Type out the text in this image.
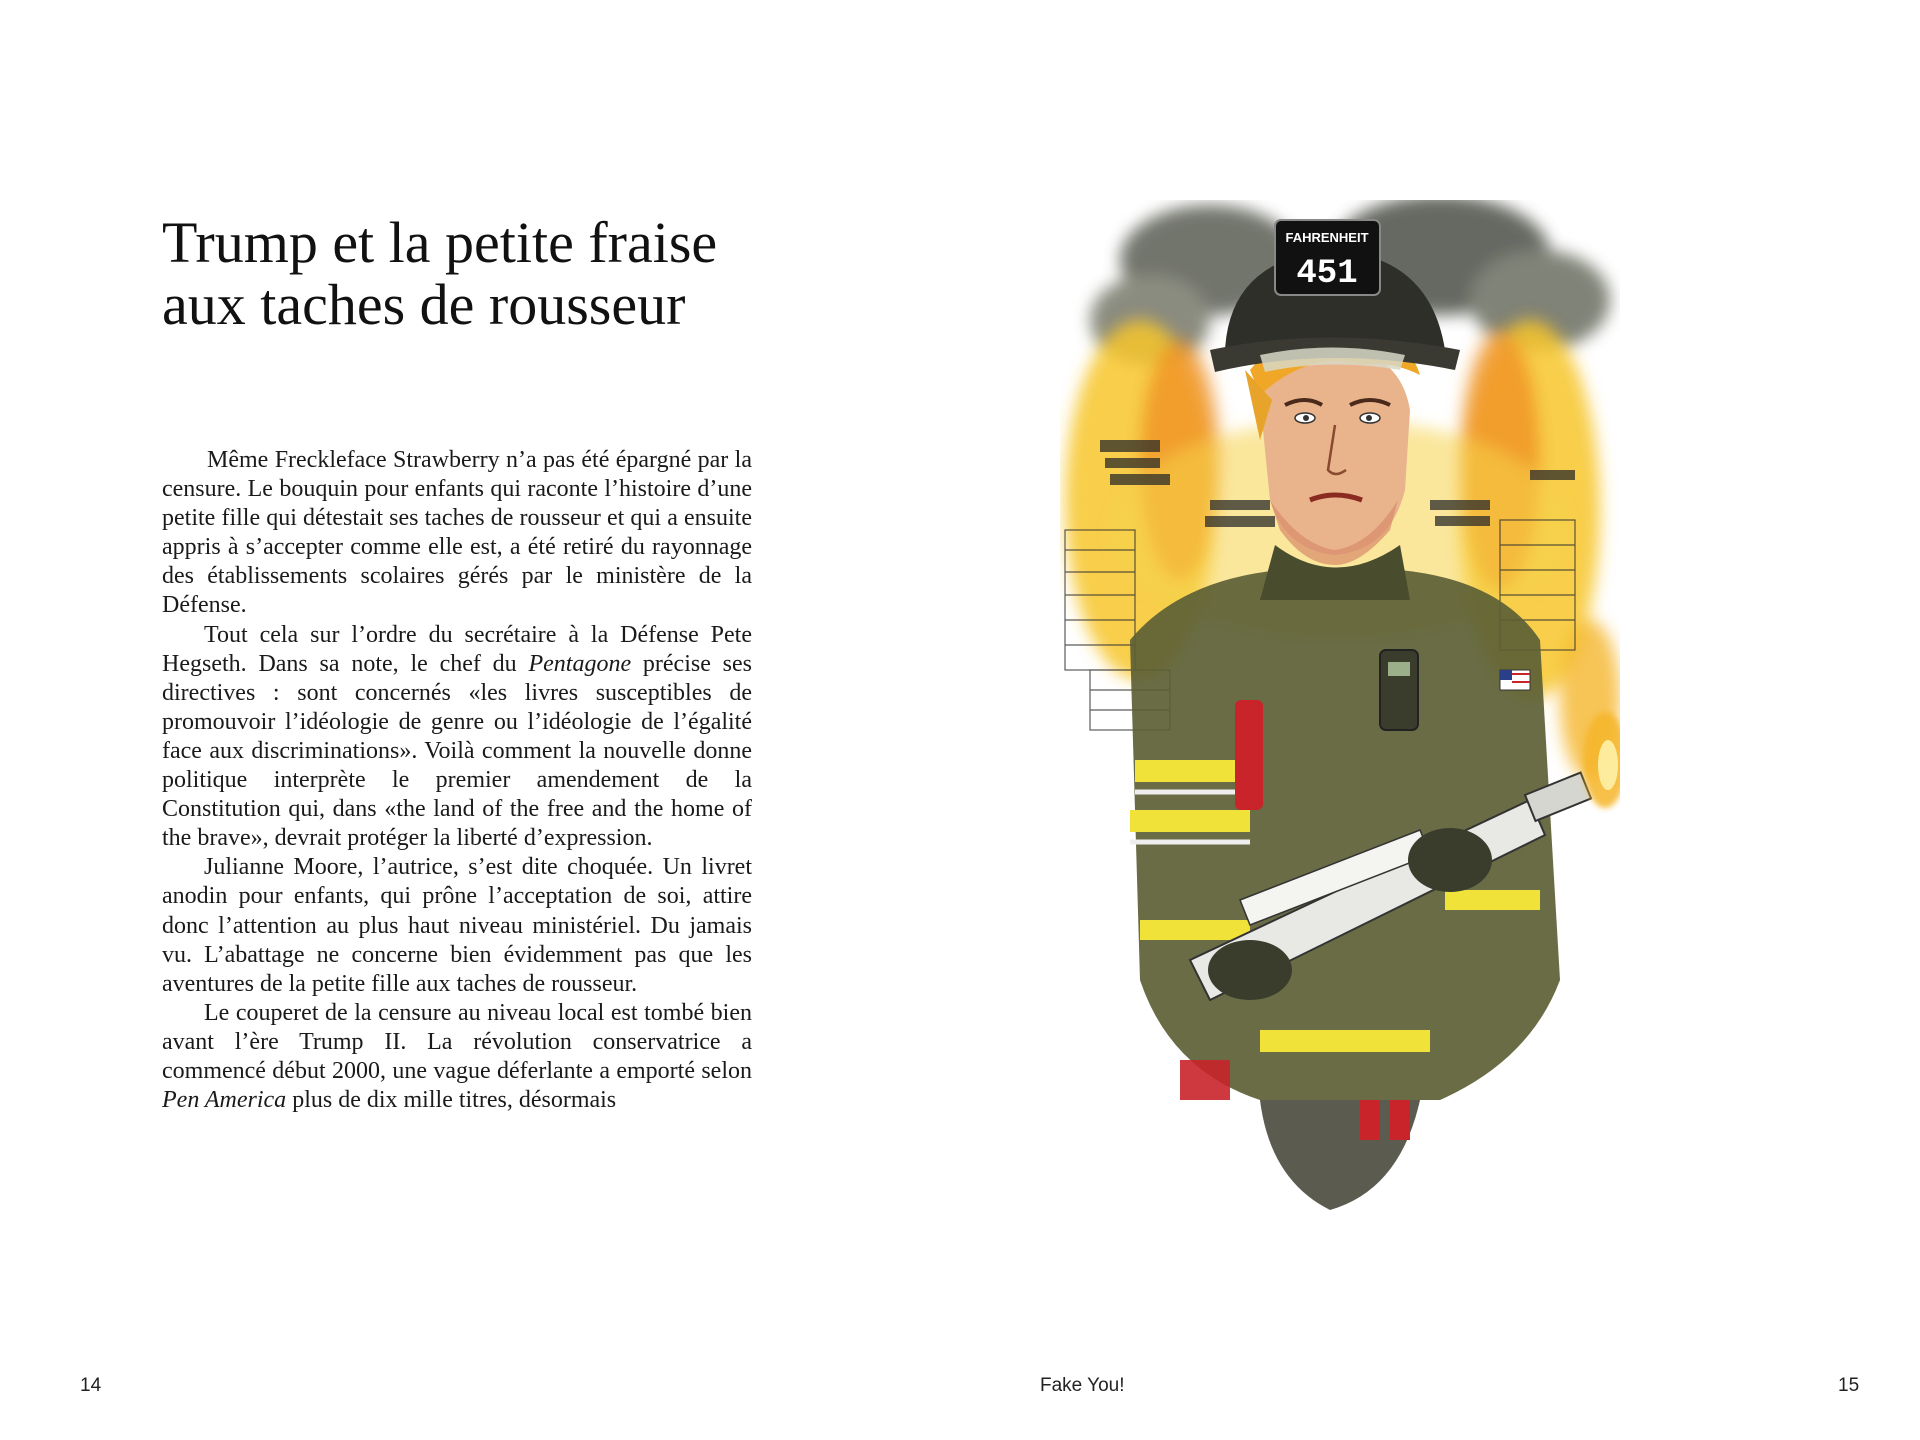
Trump et la petite fraise
aux taches de rousseur

Même Freckleface Strawberry n’a pas été épargné par la censure. Le bouquin pour enfants qui raconte l’histoire d’une petite fille qui détestait ses taches de rousseur et qui a ensuite appris à s’accepter comme elle est, a été retiré du rayonnage des établissements scolaires gérés par le ministère de la Défense.

Tout cela sur l’ordre du secrétaire à la Défense Pete Hegseth. Dans sa note, le chef du Pentagone précise ses directives : sont concernés «les livres susceptibles de promouvoir l’idéologie de genre ou l’idéologie de l’égalité face aux discriminations». Voilà comment la nouvelle donne politique interprète le premier amendement de la Constitution qui, dans «the land of the free and the home of the brave», devrait protéger la liberté d’expression.

Julianne Moore, l’autrice, s’est dite choquée. Un livret anodin pour enfants, qui prône l’acceptation de soi, attire donc l’attention au plus haut niveau ministériel. Du jamais vu. L’abattage ne concerne bien évidemment pas que les aventures de la petite fille aux taches de rousseur.

Le couperet de la censure au niveau local est tombé bien avant l’ère Trump II. La révolution conservatrice a commencé début 2000, une vague déferlante a emporté selon Pen America plus de dix mille titres, désormais

FAHRENHEIT
451
14	Fake You!	15
